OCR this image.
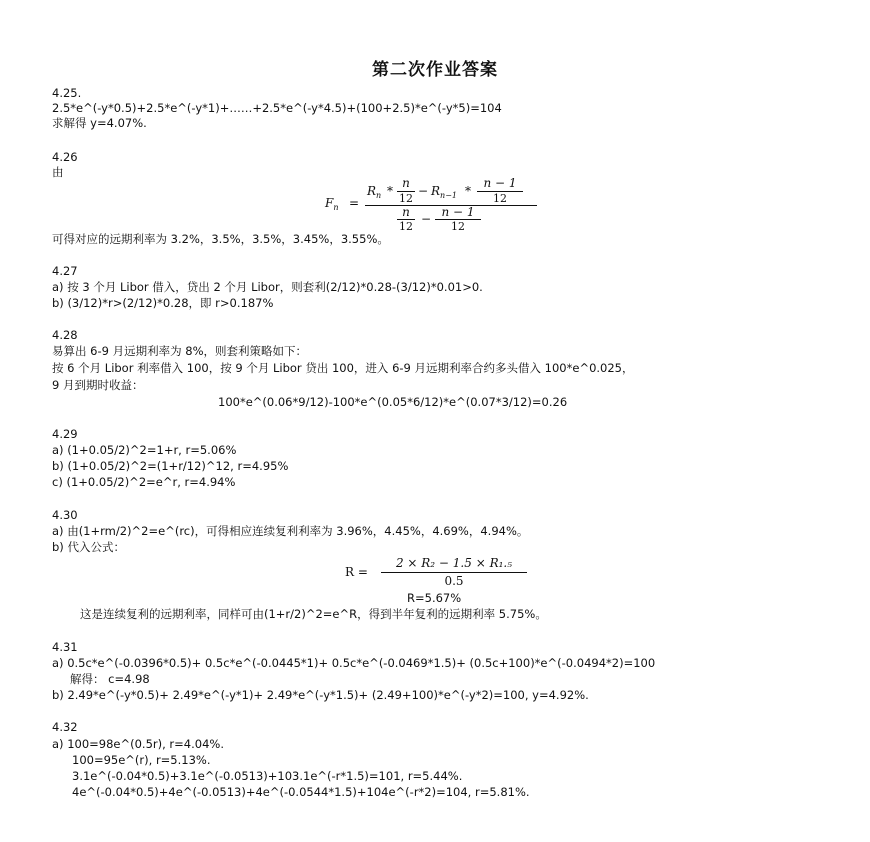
第二次作业答案
4.25.
2.5*e^(-y*0.5)+2.5*e^(-y*1)+……+2.5*e^(-y*4.5)+(100+2.5)*e^(-y*5)=104
求解得 y=4.07%.
4.26
由
$F_n$ =
$R_n$ *
n
12
− $R_{n-1}$ *
n − 1
12
n
12
− n − 1
12
可得对应的远期利率为 3.2%，3.5%，3.5%，3.45%，3.55%。
4.27
a) 按 3 个月 Libor 借入，贷出 2 个月 Libor，则套利(2/12)*0.28-(3/12)*0.01>0.
b) (3/12)*r>(2/12)*0.28，即 r>0.187%
4.28
易算出 6-9 月远期利率为 8%，则套利策略如下：
按 6 个月 Libor 利率借入 100，按 9 个月 Libor 贷出 100，进入 6-9 月远期利率合约多头借入 100*e^0.025，
9 月到期时收益：
100*e^(0.06*9/12)-100*e^(0.05*6/12)*e^(0.07*3/12)=0.26
4.29
a) (1+0.05/2)^2=1+r, r=5.06%
b) (1+0.05/2)^2=(1+r/12)^12, r=4.95%
c) (1+0.05/2)^2=e^r, r=4.94%
4.30
a) 由(1+rm/2)^2=e^(rc)，可得相应连续复利利率为 3.96%，4.45%，4.69%，4.94%。
b) 代入公式：
R =
2 × R₂ − 1.5 × R₁.₅
0.5
R=5.67%
这是连续复利的远期利率，同样可由(1+r/2)^2=e^R，得到半年复利的远期利率 5.75%。
4.31
a) 0.5c*e^(-0.0396*0.5)+ 0.5c*e^(-0.0445*1)+ 0.5c*e^(-0.0469*1.5)+ (0.5c+100)*e^(-0.0494*2)=100
解得： c=4.98
b) 2.49*e^(-y*0.5)+ 2.49*e^(-y*1)+ 2.49*e^(-y*1.5)+ (2.49+100)*e^(-y*2)=100, y=4.92%.
4.32
a) 100=98e^(0.5r), r=4.04%.
100=95e^(r), r=5.13%.
3.1e^(-0.04*0.5)+3.1e^(-0.0513)+103.1e^(-r*1.5)=101, r=5.44%.
4e^(-0.04*0.5)+4e^(-0.0513)+4e^(-0.0544*1.5)+104e^(-r*2)=104, r=5.81%.
